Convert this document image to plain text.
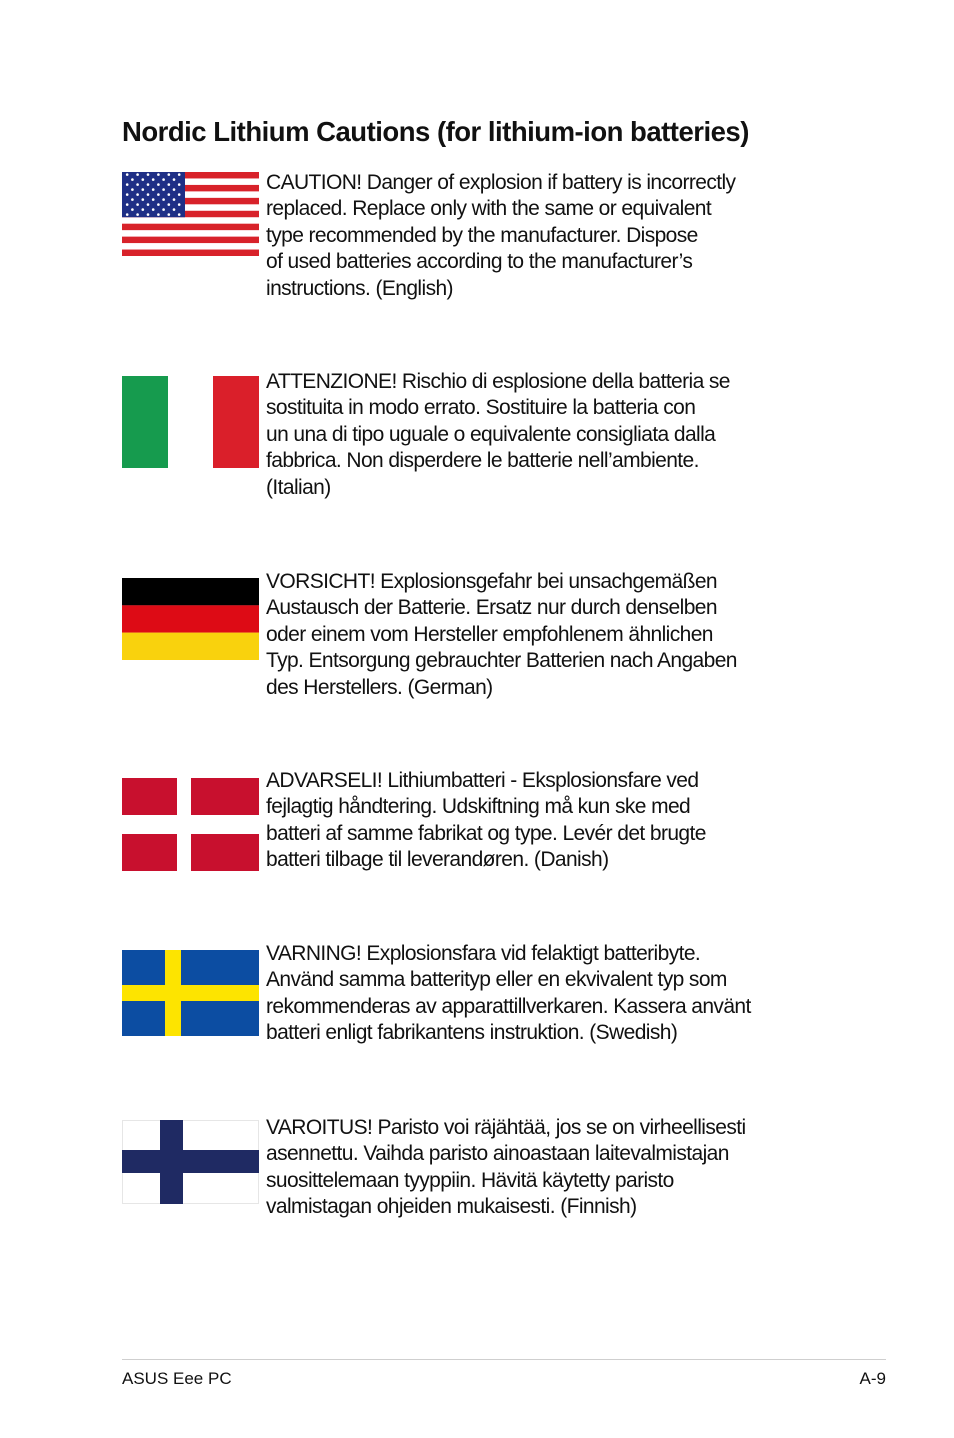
Nordic Lithium Cautions (for lithium-ion batteries)

CAUTION! Danger of explosion if battery is incorrectly
replaced. Replace only with the same or equivalent
type recommended by the manufacturer. Dispose
of used batteries according to the manufacturer’s
instructions. (English)

ATTENZIONE! Rischio di esplosione della batteria se
sostituita in modo errato. Sostituire la batteria con
un una di tipo uguale o equivalente consigliata dalla
fabbrica. Non disperdere le batterie nell’ambiente.
(Italian)

VORSICHT! Explosionsgefahr bei unsachgemäßen
Austausch der Batterie. Ersatz nur durch denselben
oder einem vom Hersteller empfohlenem ähnlichen
Typ. Entsorgung gebrauchter Batterien nach Angaben
des Herstellers. (German)

ADVARSELI! Lithiumbatteri - Eksplosionsfare ved
fejlagtig håndtering. Udskiftning må kun ske med
batteri af samme fabrikat og type. Levér det brugte
batteri tilbage til leverandøren. (Danish)

VARNING! Explosionsfara vid felaktigt batteribyte.
Använd samma batterityp eller en ekvivalent typ som
rekommenderas av apparattillverkaren. Kassera använt
batteri enligt fabrikantens instruktion. (Swedish)

VAROITUS! Paristo voi räjähtää, jos se on virheellisesti
asennettu. Vaihda paristo ainoastaan laitevalmistajan
suosittelemaan tyyppiin. Hävitä käytetty paristo
valmistagan ohjeiden mukaisesti. (Finnish)

ASUS Eee PC	A-9
